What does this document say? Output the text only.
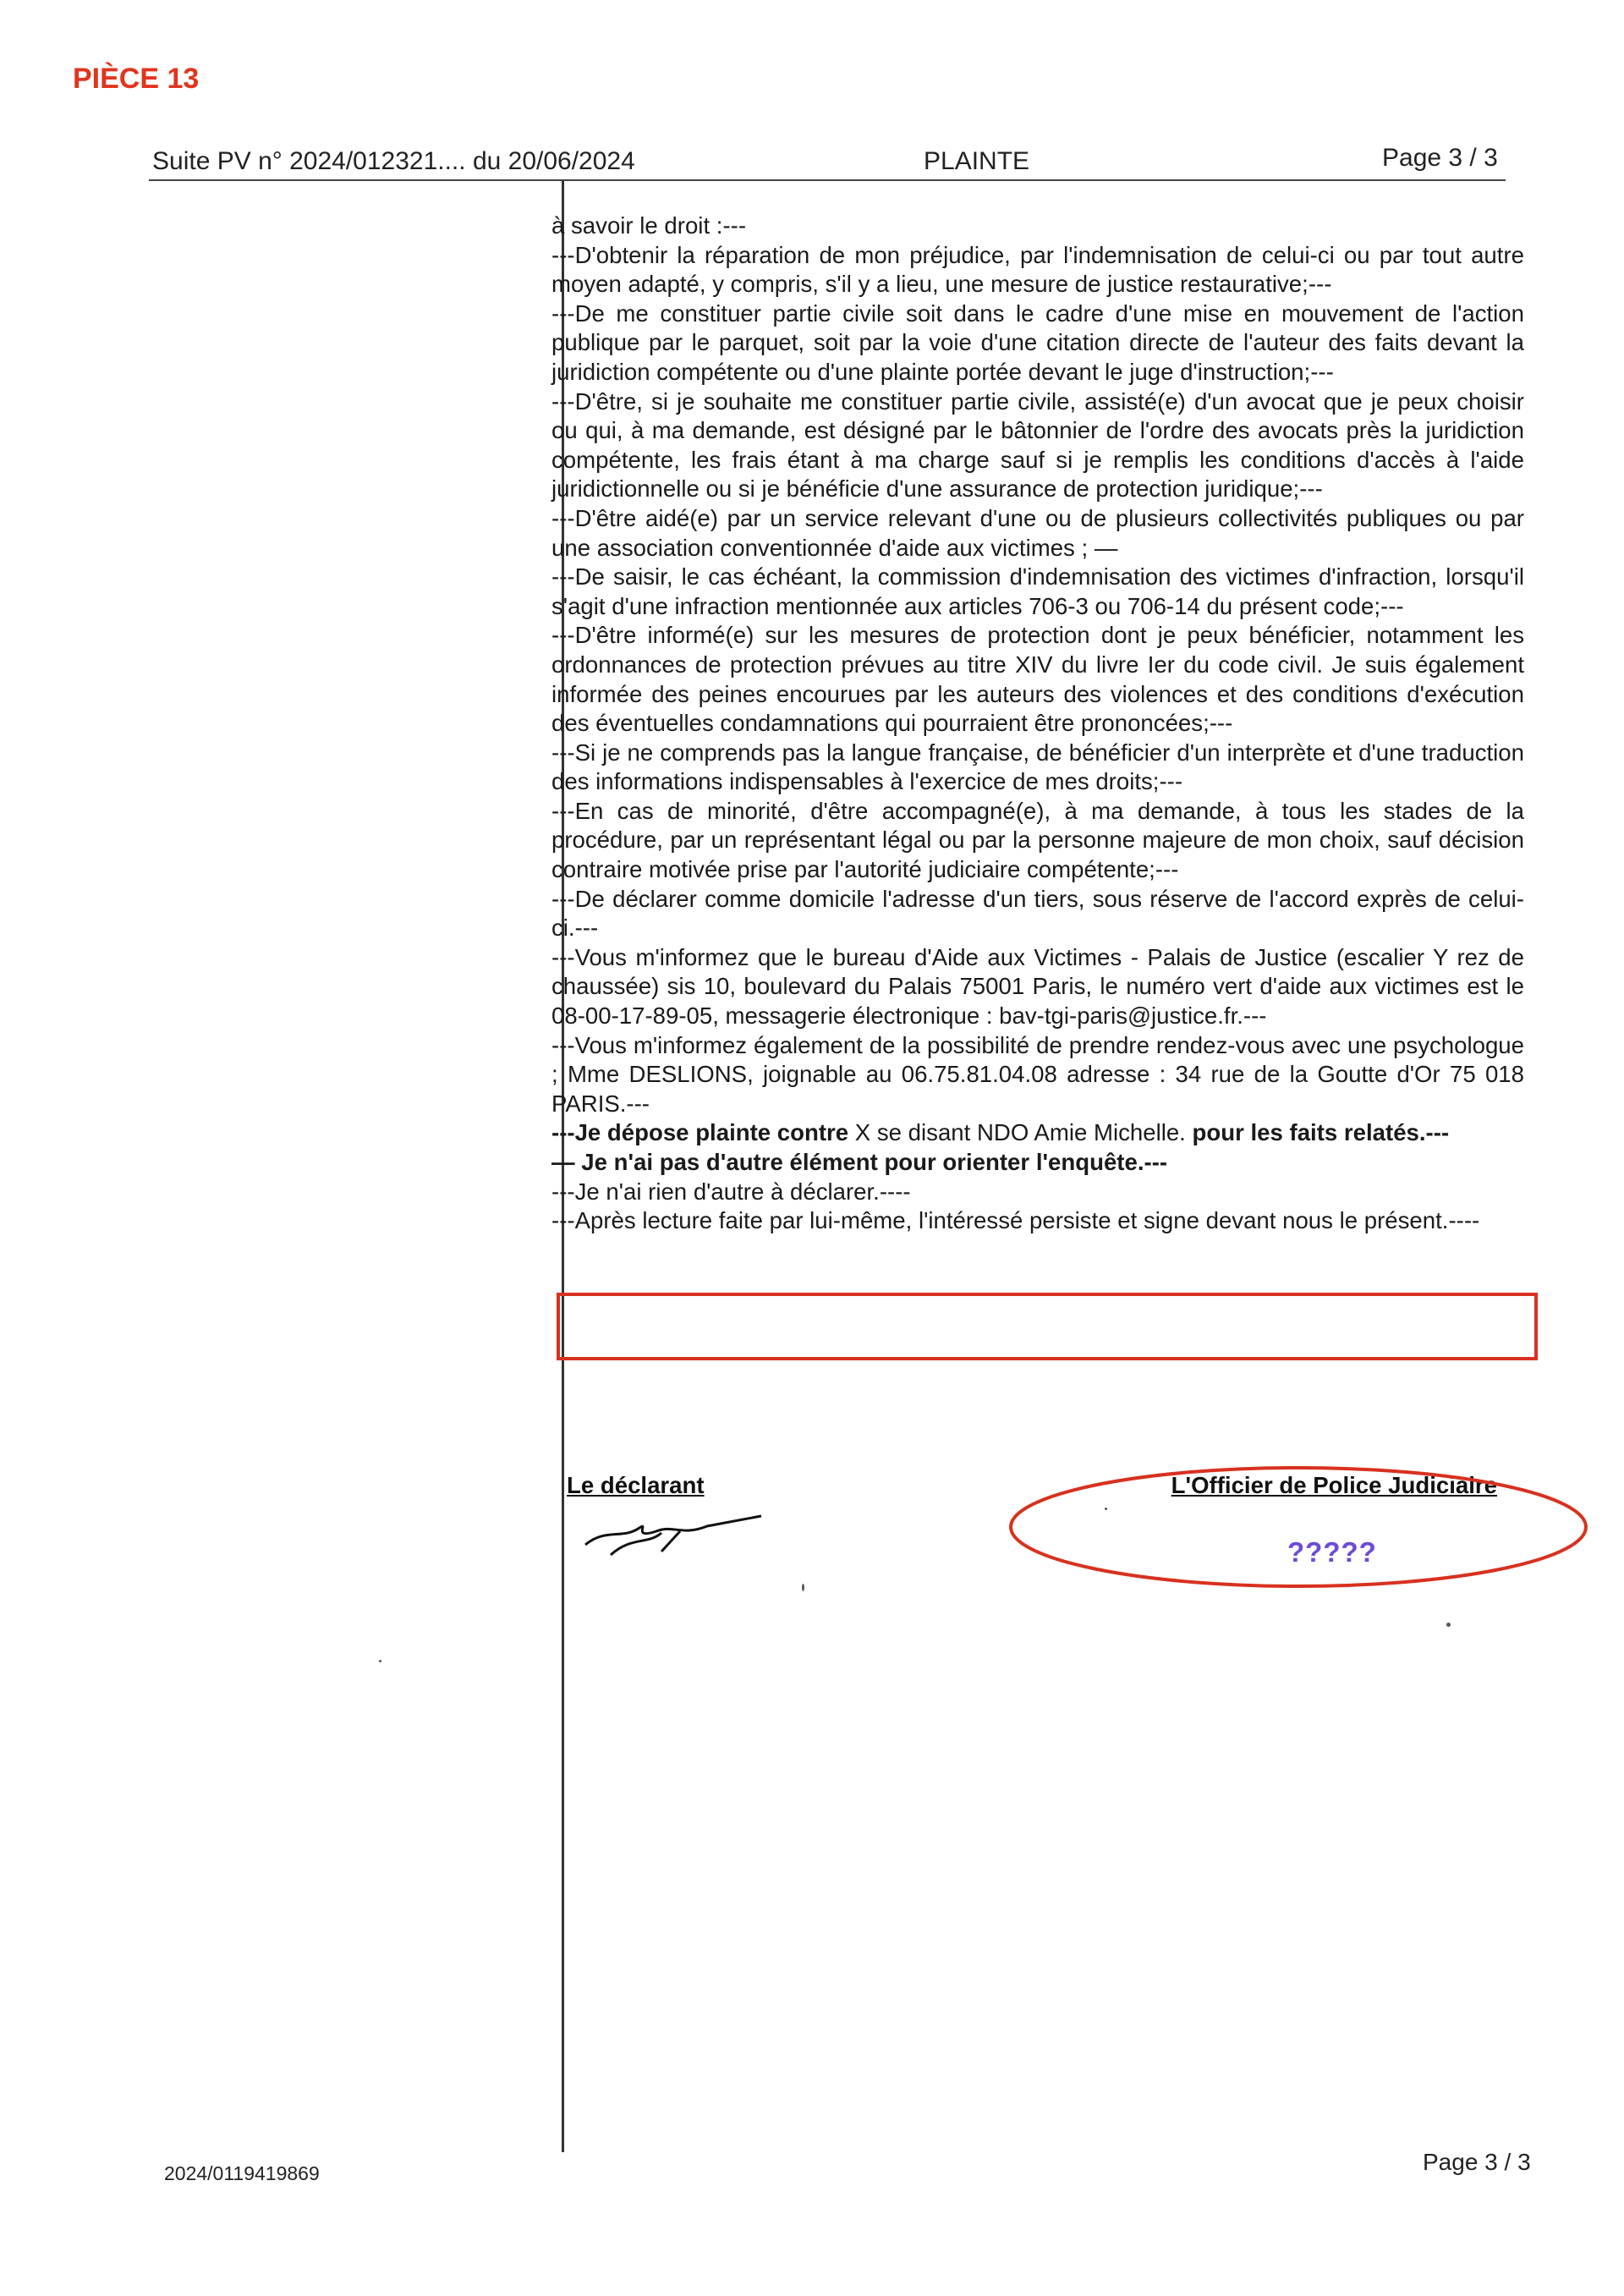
PIÈCE 13
Suite PV n° 2024/012321.... du 20/06/2024	PLAINTE	Page 3 / 3

à savoir le droit :---

---D'obtenir la réparation de mon préjudice, par l'indemnisation de celui-ci ou par tout autre moyen adapté, y compris, s'il y a lieu, une mesure de justice restaurative;---

---De me constituer partie civile soit dans le cadre d'une mise en mouvement de l'action publique par le parquet, soit par la voie d'une citation directe de l'auteur des faits devant la juridiction compétente ou d'une plainte portée devant le juge d'instruction;---

---D'être, si je souhaite me constituer partie civile, assisté(e) d'un avocat que je peux choisir ou qui, à ma demande, est désigné par le bâtonnier de l'ordre des avocats près la juridiction compétente, les frais étant à ma charge sauf si je remplis les conditions d'accès à l'aide juridictionnelle ou si je bénéficie d'une assurance de protection juridique;---

---D'être aidé(e) par un service relevant d'une ou de plusieurs collectivités publiques ou par une association conventionnée d'aide aux victimes ; —

---De saisir, le cas échéant, la commission d'indemnisation des victimes d'infraction, lorsqu'il s'agit d'une infraction mentionnée aux articles 706-3 ou 706-14 du présent code;---

---D'être informé(e) sur les mesures de protection dont je peux bénéficier, notamment les ordonnances de protection prévues au titre XIV du livre Ier du code civil. Je suis également informée des peines encourues par les auteurs des violences et des conditions d'exécution des éventuelles condamnations qui pourraient être prononcées;---

---Si je ne comprends pas la langue française, de bénéficier d'un interprète et d'une traduction des informations indispensables à l'exercice de mes droits;---

---En cas de minorité, d'être accompagné(e), à ma demande, à tous les stades de la procédure, par un représentant légal ou par la personne majeure de mon choix, sauf décision contraire motivée prise par l'autorité judiciaire compétente;---

---De déclarer comme domicile l'adresse d'un tiers, sous réserve de l'accord exprès de celui-ci.---

---Vous m'informez que le bureau d'Aide aux Victimes - Palais de Justice (escalier Y rez de chaussée) sis 10, boulevard du Palais 75001 Paris, le numéro vert d'aide aux victimes est le 08-00-17-89-05, messagerie électronique : bav-tgi-paris@justice.fr.---

---Vous m'informez également de la possibilité de prendre rendez-vous avec une psychologue ; Mme DESLIONS, joignable au 06.75.81.04.08 adresse : 34 rue de la Goutte d'Or 75 018 PARIS.---

---Je dépose plainte contre X se disant NDO Amie Michelle. pour les faits relatés.---

— Je n'ai pas d'autre élément pour orienter l'enquête.---

---Je n'ai rien d'autre à déclarer.----

---Après lecture faite par lui-même, l'intéressé persiste et signe devant nous le présent.----

Le déclarant	L'Officier de Police Judiciaire
?????
2024/0119419869	Page 3 / 3
